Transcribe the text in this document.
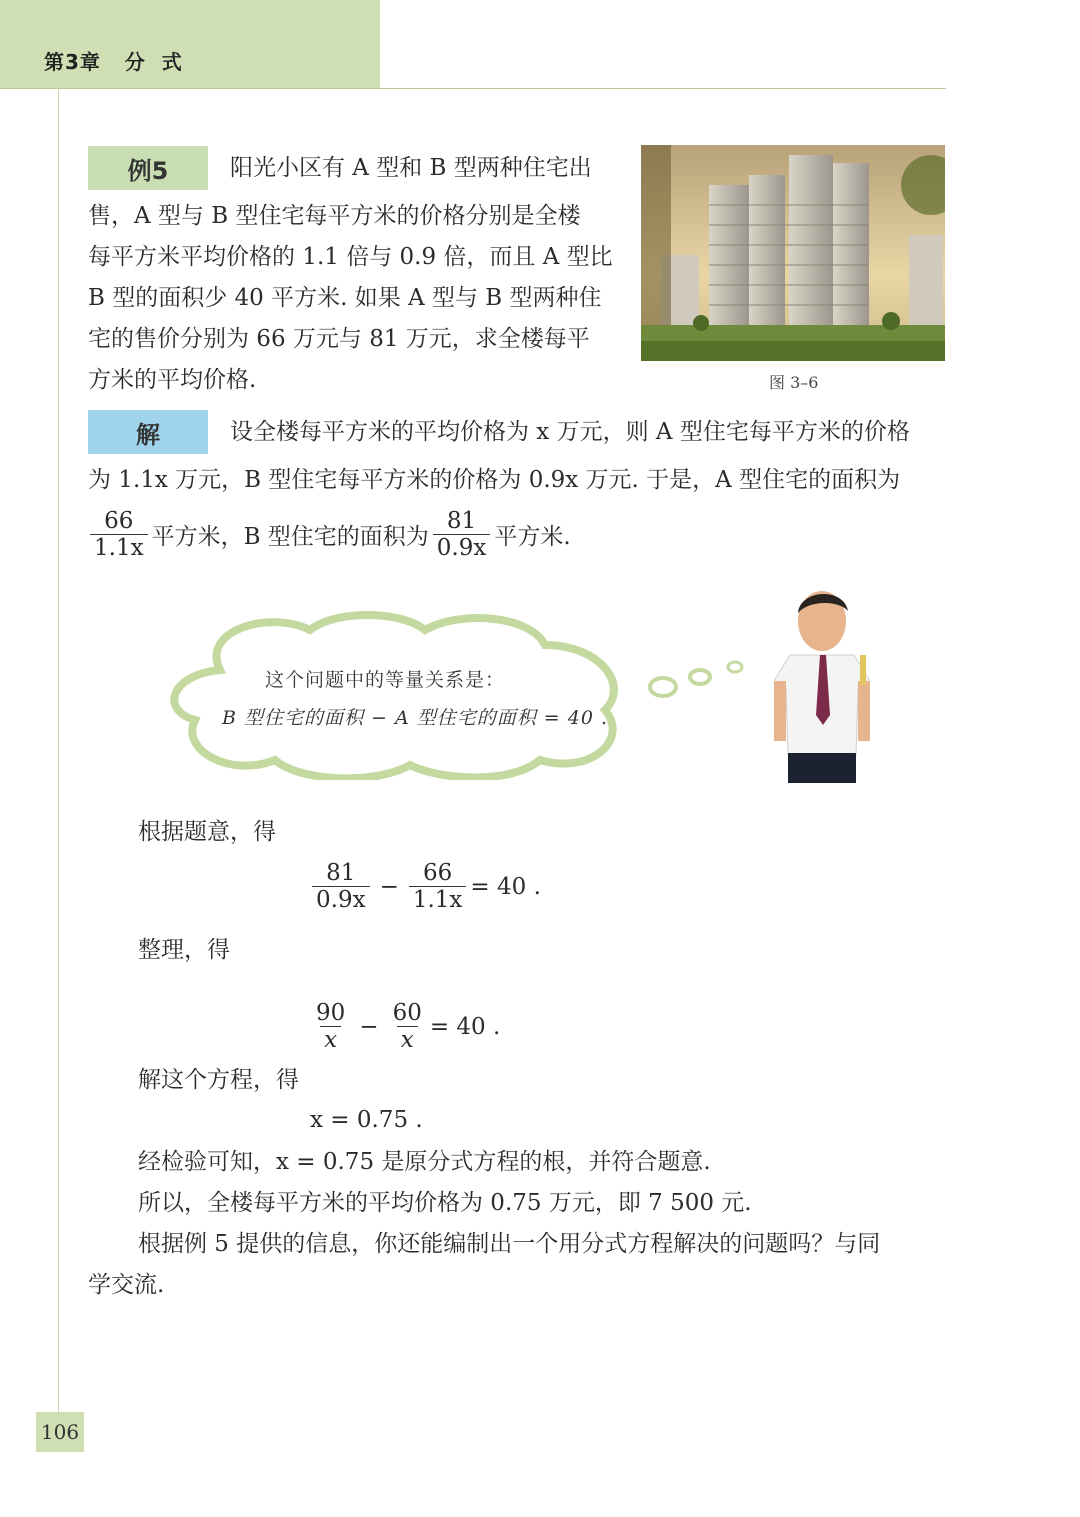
第3章   分  式
例5	阳光小区有 A 型和 B 型两种住宅出
售，A 型与 B 型住宅每平方米的价格分别是全楼
每平方米平均价格的 1.1 倍与 0.9 倍，而且 A 型比
B 型的面积少 40 平方米. 如果 A 型与 B 型两种住
宅的售价分别为 66 万元与 81 万元，求全楼每平
方米的平均价格.	图 3–6
解	设全楼每平方米的平均价格为 x 万元，则 A 型住宅每平方米的价格
为 1.1x 万元，B 型住宅每平方米的价格为 0.9x 万元. 于是，A 型住宅的面积为
$\frac{66}{1.1x}$ 平方米，B 型住宅的面积为 $\frac{81}{0.9x}$ 平方米.
这个问题中的等量关系是：
B 型住宅的面积 − A 型住宅的面积 = 40 .
根据题意，得
$\frac{81}{0.9x} - \frac{66}{1.1x} = 40$ .
整理，得
$\frac{90}{x} - \frac{60}{x} = 40$ .
解这个方程，得
x = 0.75 .
经检验可知，x = 0.75 是原分式方程的根，并符合题意.
所以，全楼每平方米的平均价格为 0.75 万元，即 7 500 元.
根据例 5 提供的信息，你还能编制出一个用分式方程解决的问题吗？与同
学交流.
106
